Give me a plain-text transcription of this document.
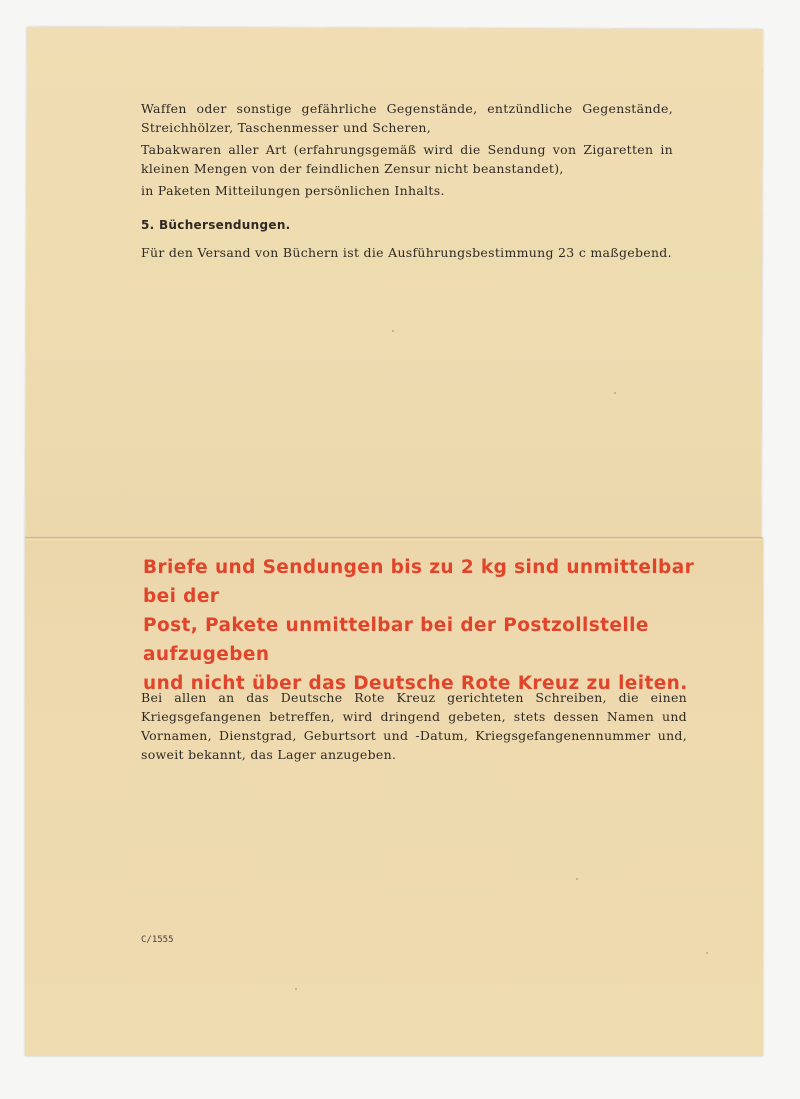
Waffen oder sonstige gefährliche Gegenstände, entzündliche Gegenstände, Streichhölzer, Taschenmesser und Scheren,

Tabakwaren aller Art (erfahrungsgemäß wird die Sendung von Zigaretten in kleinen Mengen von der feindlichen Zensur nicht beanstandet),

in Paketen Mitteilungen persönlichen Inhalts.

5. Büchersendungen.

Für den Versand von Büchern ist die Ausführungsbestimmung 23 c maßgebend.

Briefe und Sendungen bis zu 2 kg sind unmittelbar bei der
Post, Pakete unmittelbar bei der Postzollstelle aufzugeben
und nicht über das Deutsche Rote Kreuz zu leiten.

Bei allen an das Deutsche Rote Kreuz gerichteten Schreiben, die einen Kriegsgefangenen betreffen, wird dringend gebeten, stets dessen Namen und Vornamen, Dienstgrad, Geburtsort und -Datum, Kriegsgefangenennummer und, soweit bekannt, das Lager anzugeben.

C/1555
